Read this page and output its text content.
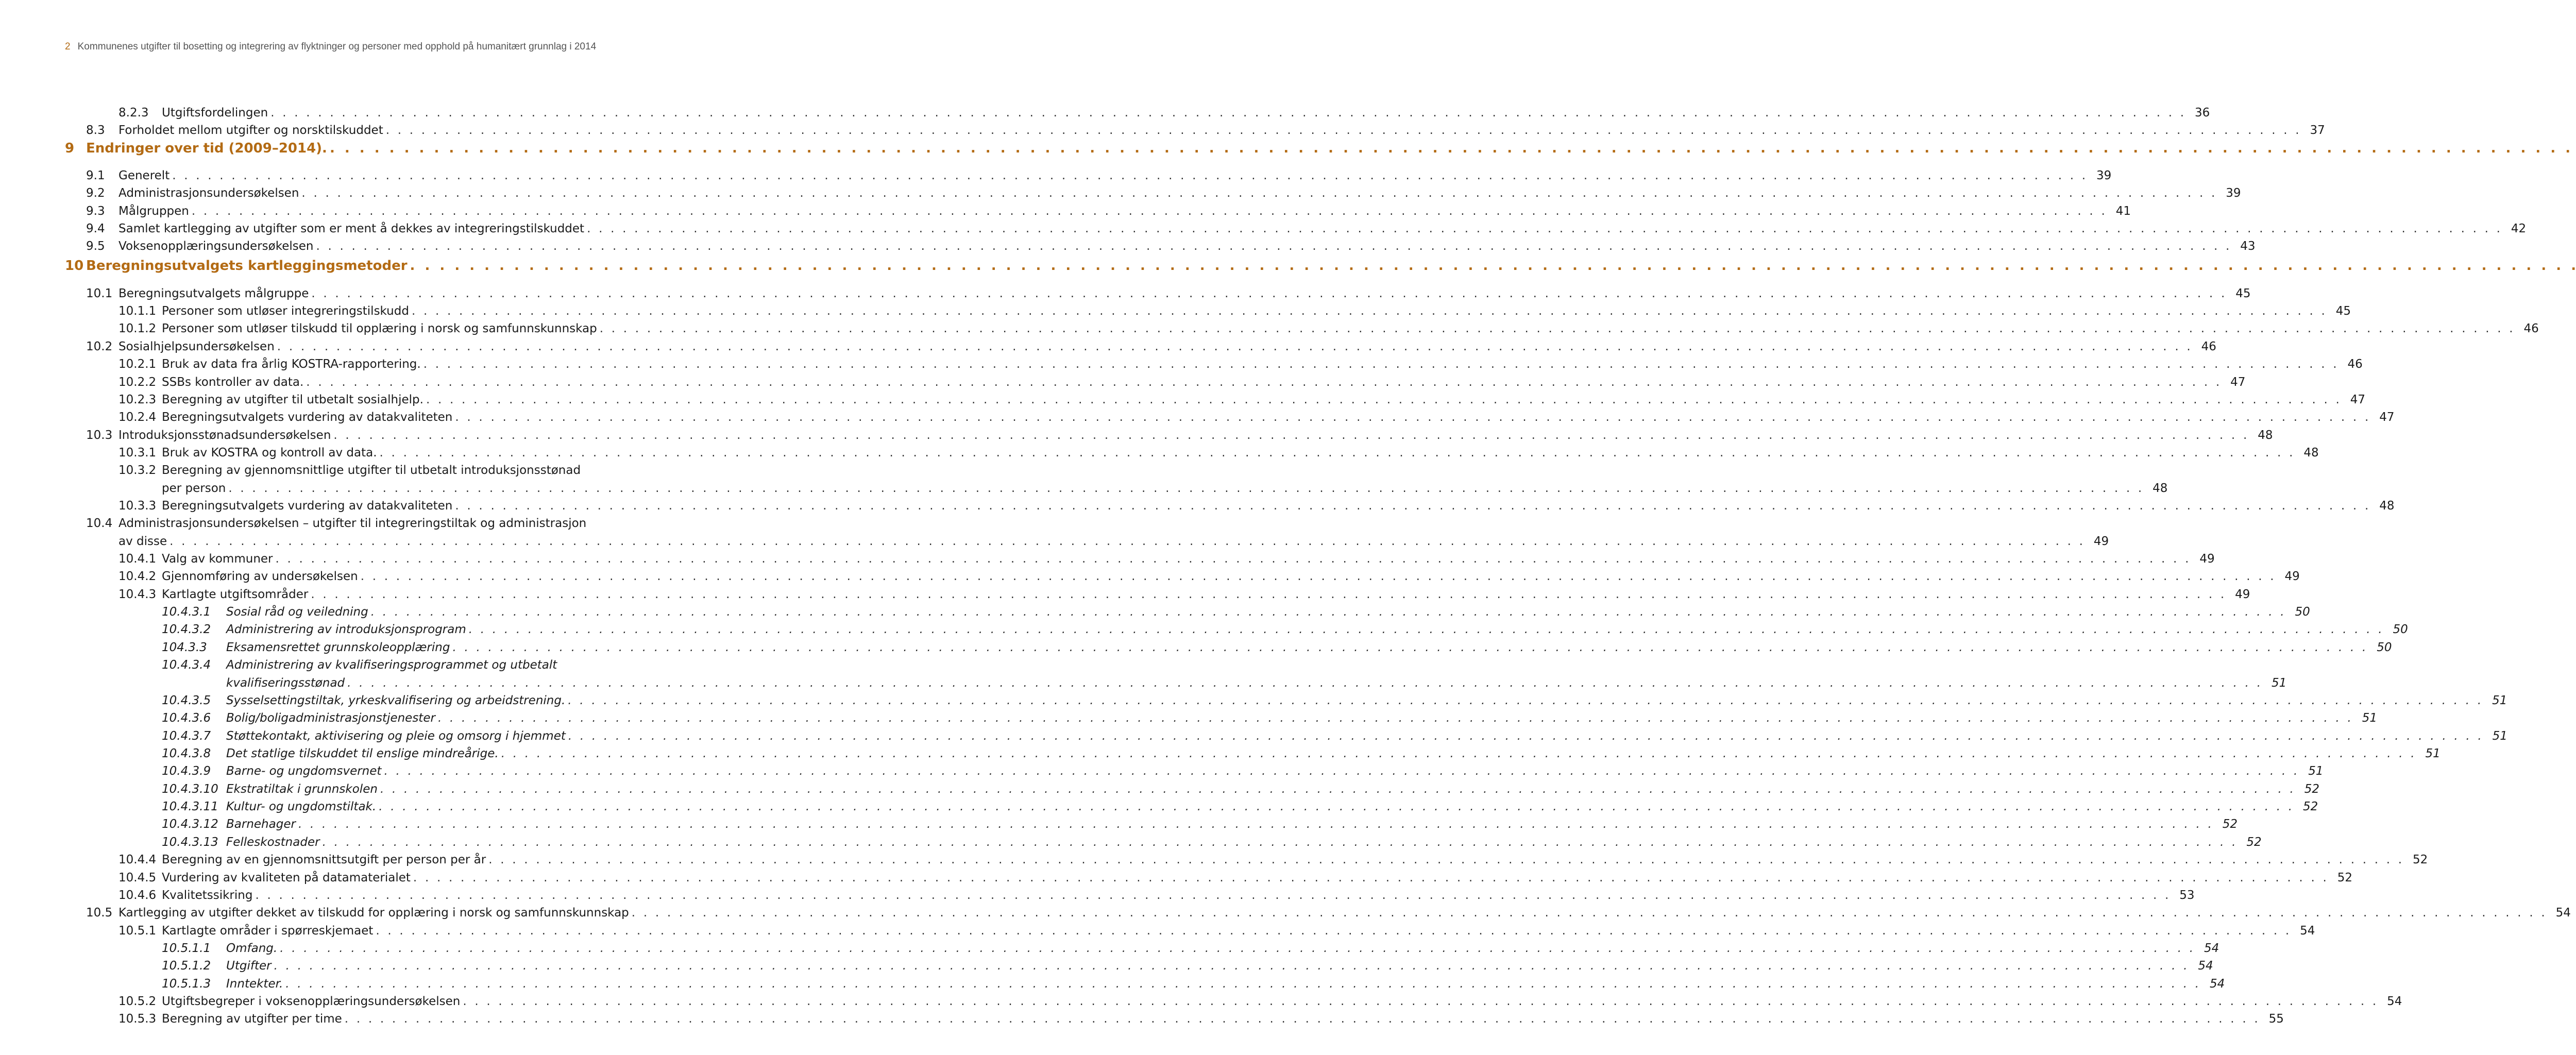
2 Kommunenes utgifter til bosetting og integrering av flyktninger og personer med opphold på humanitært grunnlag i 2014
8.2.3 Utgiftsfordelingen . . .	36
8.3 Forholdet mellom utgifter og norsktilskuddet . . .	37
9 Endringer over tid (2009–2014).
. . .
9.1 Generelt . . .	39
9.2 Administrasjonsundersøkelsen . . .	39
9.3 Målgruppen . . .	41
9.4 Samlet kartlegging av utgifter som er ment å dekkes av integreringstilskuddet . . .	42
9.5 Voksenopplæringsundersøkelsen . . .	43
10 Beregningsutvalgets kartleggingsmetoder
. . .
10.1 Beregningsutvalgets målgruppe . . .	45
10.1.1 Personer som utløser integreringstilskudd . . .	45
10.1.2 Personer som utløser tilskudd til opplæring i norsk og samfunnskunnskap . . .	46
10.2 Sosialhjelpsundersøkelsen . . .	46
10.2.1 Bruk av data fra årlig KOSTRA-rapportering. . . .	46
10.2.2 SSBs kontroller av data. . . .	47
10.2.3 Beregning av utgifter til utbetalt sosialhjelp. . . .	47
10.2.4 Beregningsutvalgets vurdering av datakvaliteten . . .	47
10.3 Introduksjonsstønadsundersøkelsen . . .	48
10.3.1 Bruk av KOSTRA og kontroll av data. . . .	48
10.3.2 Beregning av gjennomsnittlige utgifter til utbetalt introduksjonsstønad
per person . . .	48
10.3.3 Beregningsutvalgets vurdering av datakvaliteten . . .	48
10.4 Administrasjonsundersøkelsen – utgifter til integreringstiltak og administrasjon
av disse . . .	49
10.4.1 Valg av kommuner . . .	49
10.4.2 Gjennomføring av undersøkelsen . . .	49
10.4.3 Kartlagte utgiftsområder . . .	49
10.4.3.1 Sosial råd og veiledning . . .	50
10.4.3.2 Administrering av introduksjonsprogram . . .	50
104.3.3 Eksamensrettet grunnskoleopplæring . . .	50
10.4.3.4 Administrering av kvalifiseringsprogrammet og utbetalt
kvalifiseringsstønad . . .	51
10.4.3.5 Sysselsettingstiltak, yrkeskvalifisering og arbeidstrening. . . .	51
10.4.3.6 Bolig/boligadministrasjonstjenester . . .	51
10.4.3.7 Støttekontakt, aktivisering og pleie og omsorg i hjemmet . . .	51
10.4.3.8 Det statlige tilskuddet til enslige mindreårige. . . .	51
10.4.3.9 Barne- og ungdomsvernet . . .	51
10.4.3.10 Ekstratiltak i grunnskolen . . .	52
10.4.3.11 Kultur- og ungdomstiltak. . . .	52
10.4.3.12 Barnehager . . .	52
10.4.3.13 Felleskostnader . . .	52
10.4.4 Beregning av en gjennomsnittsutgift per person per år . . .	52
10.4.5 Vurdering av kvaliteten på datamaterialet . . .	52
10.4.6 Kvalitetssikring . . .	53
10.5 Kartlegging av utgifter dekket av tilskudd for opplæring i norsk og samfunnskunnskap . . .	54
10.5.1 Kartlagte områder i spørreskjemaet . . .	54
10.5.1.1 Omfang. . . .	54
10.5.1.2 Utgifter . . .	54
10.5.1.3 Inntekter. . . .	54
10.5.2 Utgiftsbegreper i voksenopplæringsundersøkelsen . . .	54
10.5.3 Beregning av utgifter per time . . .	55
